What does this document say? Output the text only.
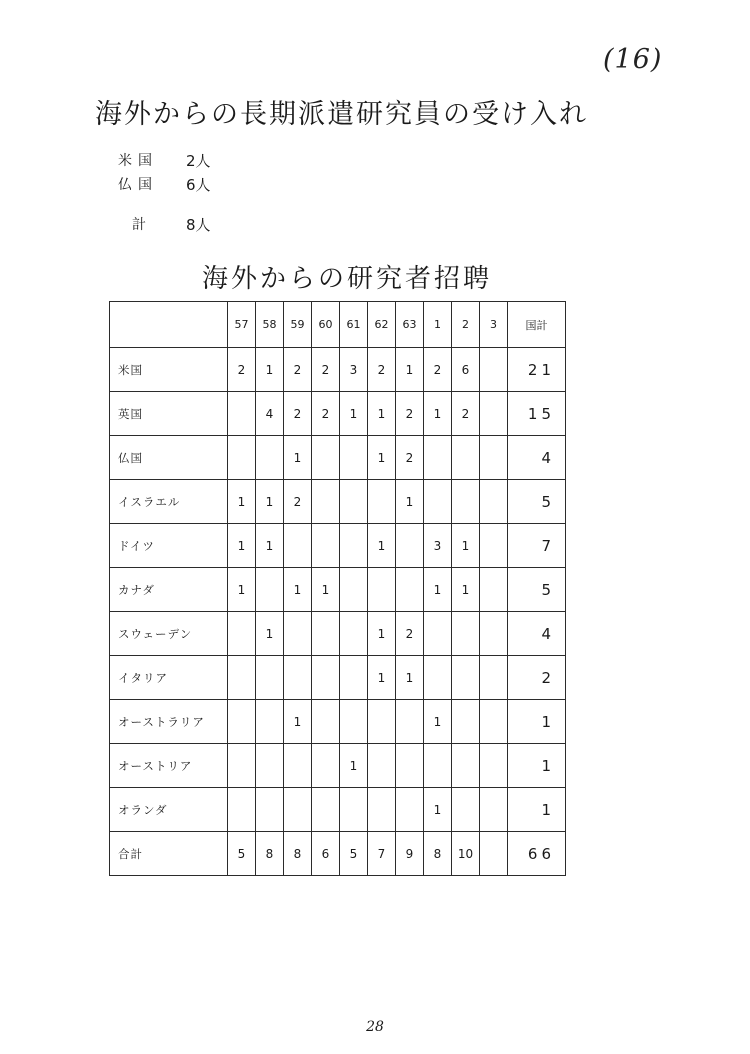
(16)
海外からの長期派遣研究員の受け入れ
米国	2人
仏国	6人
計	8人
海外からの研究者招聘
	57	58	59	60	61	62	63	1	2	3	国計
米国	2	1	2	2	3	2	1	2	6		21
英国		4	2	2	1	1	2	1	2		15
仏国			1			1	2				4
イスラエル	1	1	2				1				5
ドイツ	1	1				1		3	1		7
カナダ	1		1	1				1	1		5
スウェーデン		1				1	2				4
イタリア						1	1				2
オーストラリア			1					1			1
オーストリア					1						1
オランダ								1			1
合計	5	8	8	6	5	7	9	8	10		66
28
